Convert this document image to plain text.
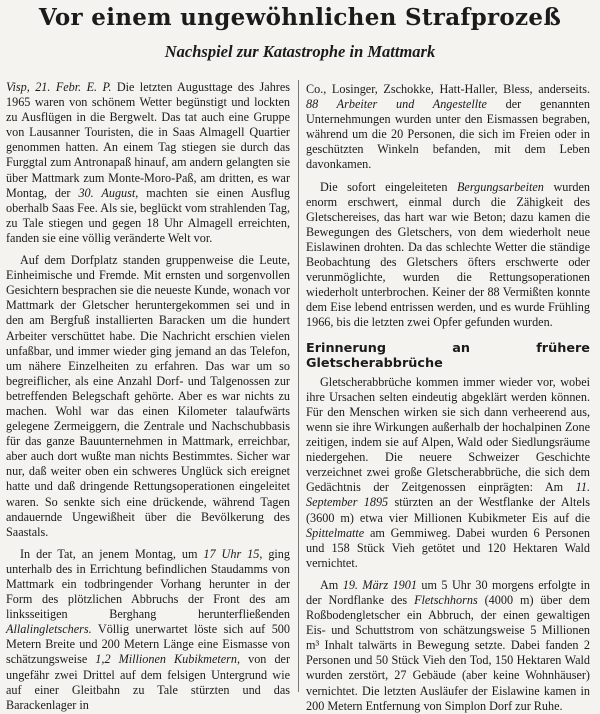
Vor einem ungewöhnlichen Strafprozeß
Nachspiel zur Katastrophe in Mattmark

Visp, 21. Febr. E. P. Die letzten Augusttage des Jahres 1965 waren von schönem Wetter begünstigt und lockten zu Ausflügen in die Bergwelt. Das tat auch eine Gruppe von Lausanner Touristen, die in Saas Almagell Quartier genommen hatten. An einem Tag stiegen sie durch das Furggtal zum Antronapaß hinauf, am andern gelangten sie über Mattmark zum Monte-Moro-Paß, am dritten, es war Montag, der 30. August, machten sie einen Ausflug oberhalb Saas Fee. Als sie, beglückt vom strahlenden Tag, zu Tale stiegen und gegen 18 Uhr Almagell erreichten, fanden sie eine völlig veränderte Welt vor.

Auf dem Dorfplatz standen gruppenweise die Leute, Einheimische und Fremde. Mit ernsten und sorgenvollen Gesichtern besprachen sie die neueste Kunde, wonach vor Mattmark der Gletscher heruntergekommen sei und in den am Bergfuß installierten Baracken um die hundert Arbeiter verschüttet habe. Die Nachricht erschien vielen unfaßbar, und immer wieder ging jemand an das Telefon, um nähere Einzelheiten zu erfahren. Das war um so begreiflicher, als eine Anzahl Dorf- und Talgenossen zur betreffenden Belegschaft gehörte. Aber es war nichts zu machen. Wohl war das einen Kilometer talaufwärts gelegene Zermeiggern, die Zentrale und Nachschubbasis für das ganze Bauunternehmen in Mattmark, erreichbar, aber auch dort wußte man nichts Bestimmtes. Sicher war nur, daß weiter oben ein schweres Unglück sich ereignet hatte und daß dringende Rettungsoperationen eingeleitet waren. So senkte sich eine drückende, während Tagen andauernde Ungewißheit über die Bevölkerung des Saastals.

In der Tat, an jenem Montag, um 17 Uhr 15, ging unterhalb des in Errichtung befindlichen Staudamms von Mattmark ein todbringender Vorhang herunter in der Form des plötzlichen Abbruchs der Front des am linksseitigen Berghang herunterfließenden Allalingletschers. Völlig unerwartet löste sich auf 500 Metern Breite und 200 Metern Länge eine Eismasse von schätzungsweise 1,2 Millionen Kubikmetern, von der ungefähr zwei Drittel auf dem felsigen Untergrund wie auf einer Gleitbahn zu Tale stürzten und das Barackenlager in

Co., Losinger, Zschokke, Hatt-Haller, Bless, anderseits. 88 Arbeiter und Angestellte der genannten Unternehmungen wurden unter den Eismassen begraben, während um die 20 Personen, die sich im Freien oder in geschützten Winkeln befanden, mit dem Leben davonkamen.

Die sofort eingeleiteten Bergungsarbeiten wurden enorm erschwert, einmal durch die Zähigkeit des Gletschereises, das hart war wie Beton; dazu kamen die Bewegungen des Gletschers, von dem wiederholt neue Eislawinen drohten. Da das schlechte Wetter die ständige Beobachtung des Gletschers öfters erschwerte oder verunmöglichte, wurden die Rettungsoperationen wiederholt unterbrochen. Keiner der 88 Vermißten konnte dem Eise lebend entrissen werden, und es wurde Frühling 1966, bis die letzten zwei Opfer gefunden wurden.

Erinnerung an frühere Gletscherabbrüche

Gletscherabbrüche kommen immer wieder vor, wobei ihre Ursachen selten eindeutig abgeklärt werden können. Für den Menschen wirken sie sich dann verheerend aus, wenn sie ihre Wirkungen außerhalb der hochalpinen Zone zeitigen, indem sie auf Alpen, Wald oder Siedlungsräume niedergehen. Die neuere Schweizer Geschichte verzeichnet zwei große Gletscherabbrüche, die sich dem Gedächtnis der Zeitgenossen einprägten: Am 11. September 1895 stürzten an der Westflanke der Altels (3600 m) etwa vier Millionen Kubikmeter Eis auf die Spittelmatte am Gemmiweg. Dabei wurden 6 Personen und 158 Stück Vieh getötet und 120 Hektaren Wald vernichtet.

Am 19. März 1901 um 5 Uhr 30 morgens erfolgte in der Nordflanke des Fletschhorns (4000 m) über dem Roßbodengletscher ein Abbruch, der einen gewaltigen Eis- und Schuttstrom von schätzungsweise 5 Millionen m³ Inhalt talwärts in Bewegung setzte. Dabei fanden 2 Personen und 50 Stück Vieh den Tod, 150 Hektaren Wald wurden zerstört, 27 Gebäude (aber keine Wohnhäuser) vernichtet. Die letzten Ausläufer der Eislawine kamen in 200 Metern Entfernung von Simplon Dorf zur Ruhe.
